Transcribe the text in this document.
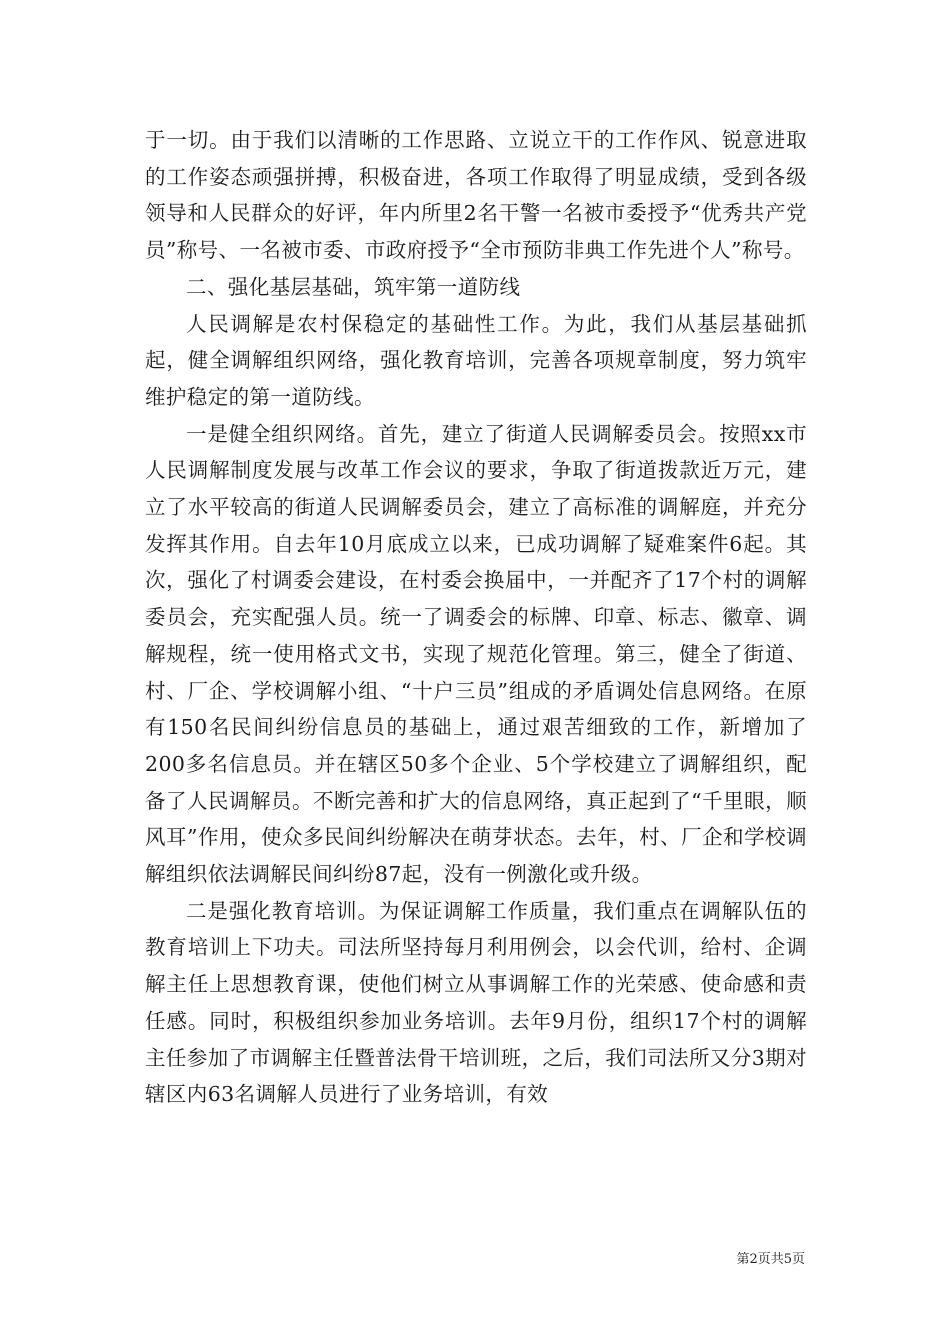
于一切。由于我们以清晰的工作思路、立说立干的工作作风、锐意进取的工作姿态顽强拼搏，积极奋进，各项工作取得了明显成绩，受到各级领导和人民群众的好评，年内所里2名干警一名被市委授予“优秀共产党员”称号、一名被市委、市政府授予“全市预防非典工作先进个人”称号。

二、强化基层基础，筑牢第一道防线

人民调解是农村保稳定的基础性工作。为此，我们从基层基础抓起，健全调解组织网络，强化教育培训，完善各项规章制度，努力筑牢维护稳定的第一道防线。

一是健全组织网络。首先，建立了街道人民调解委员会。按照xx市人民调解制度发展与改革工作会议的要求，争取了街道拨款近万元，建立了水平较高的街道人民调解委员会，建立了高标准的调解庭，并充分发挥其作用。自去年10月底成立以来，已成功调解了疑难案件6起。其次，强化了村调委会建设，在村委会换届中，一并配齐了17个村的调解委员会，充实配强人员。统一了调委会的标牌、印章、标志、徽章、调解规程，统一使用格式文书，实现了规范化管理。第三，健全了街道、村、厂企、学校调解小组、“十户三员”组成的矛盾调处信息网络。在原有150名民间纠纷信息员的基础上，通过艰苦细致的工作，新增加了200多名信息员。并在辖区50多个企业、5个学校建立了调解组织，配备了人民调解员。不断完善和扩大的信息网络，真正起到了“千里眼，顺风耳”作用，使众多民间纠纷解决在萌芽状态。去年，村、厂企和学校调解组织依法调解民间纠纷87起，没有一例激化或升级。

二是强化教育培训。为保证调解工作质量，我们重点在调解队伍的教育培训上下功夫。司法所坚持每月利用例会，以会代训，给村、企调解主任上思想教育课，使他们树立从事调解工作的光荣感、使命感和责任感。同时，积极组织参加业务培训。去年9月份，组织17个村的调解主任参加了市调解主任暨普法骨干培训班，之后，我们司法所又分3期对辖区内63名调解人员进行了业务培训，有效

第2页共5页
